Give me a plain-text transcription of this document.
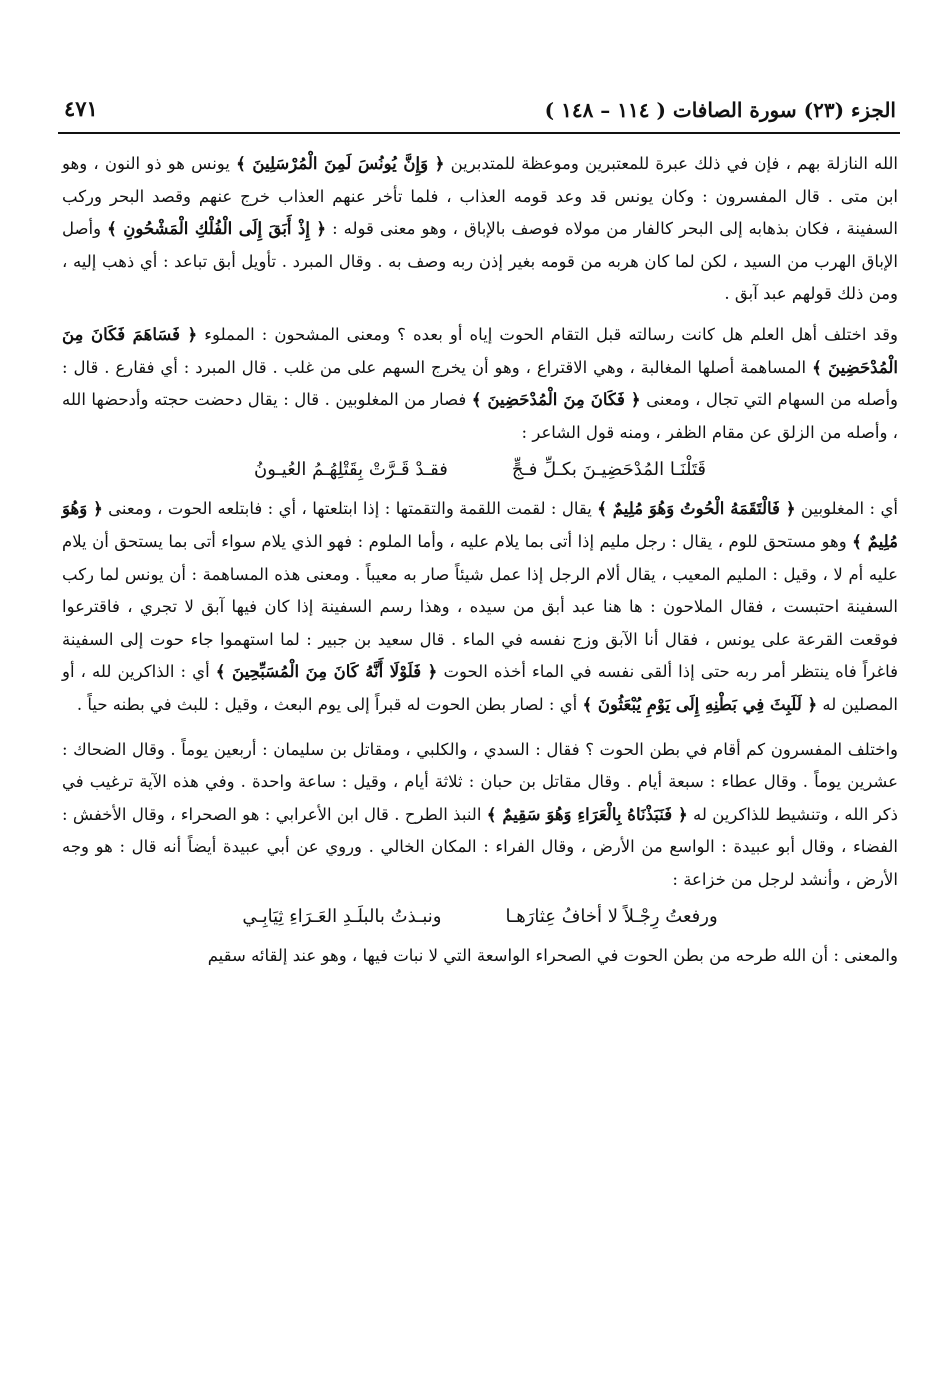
الجزء (٢٣) سورة الصافات ( ١١٤ – ١٤٨ )
٤٧١

الله النازلة بهم ، فإن في ذلك عبرة للمعتبرين وموعظة للمتدبرين ﴿ وَإِنَّ يُونُسَ لَمِنَ الْمُرْسَلِينَ ﴾ يونس هو ذو النون ، وهو ابن متى . قال المفسرون : وكان يونس قد وعد قومه العذاب ، فلما تأخر عنهم العذاب خرج عنهم وقصد البحر وركب السفينة ، فكان بذهابه إلى البحر كالفار من مولاه فوصف بالإباق ، وهو معنى قوله : ﴿ إِذْ أَبَقَ إِلَى الْفُلْكِ الْمَشْحُونِ ﴾ وأصل الإباق الهرب من السيد ، لكن لما كان هربه من قومه بغير إذن ربه وصف به . وقال المبرد . تأويل أبق تباعد : أي ذهب إليه ، ومن ذلك قولهم عبد آبق .

وقد اختلف أهل العلم هل كانت رسالته قبل التقام الحوت إياه أو بعده ؟ ومعنى المشحون : المملوء ﴿ فَسَاهَمَ فَكَانَ مِنَ الْمُدْحَضِينَ ﴾ المساهمة أصلها المغالبة ، وهي الاقتراع ، وهو أن يخرج السهم على من غلب . قال المبرد : أي فقارع . قال : وأصله من السهام التي تجال ، ومعنى ﴿ فَكَانَ مِنَ الْمُدْحَضِينَ ﴾ فصار من المغلوبين . قال : يقال دحضت حجته وأدحضها الله ، وأصله من الزلق عن مقام الظفر ، ومنه قول الشاعر :

قَتَلْنَـا المُدْحَضِيـنَ بكـلِّ فـجٍّ
فقـدْ قَـرَّتْ بِقَتْلِهُـمُ العُيـونُ

أي : المغلوبين ﴿ فَالْتَقَمَهُ الْحُوتُ وَهُوَ مُلِيمٌ ﴾ يقال : لقمت اللقمة والتقمتها : إذا ابتلعتها ، أي : فابتلعه الحوت ، ومعنى ﴿ وَهُوَ مُلِيمٌ ﴾ وهو مستحق للوم ، يقال : رجل مليم إذا أتى بما يلام عليه ، وأما الملوم : فهو الذي يلام سواء أتى بما يستحق أن يلام عليه أم لا ، وقيل : المليم المعيب ، يقال ألام الرجل إذا عمل شيئاً صار به معيباً . ومعنى هذه المساهمة : أن يونس لما ركب السفينة احتبست ، فقال الملاحون : ها هنا عبد أبق من سيده ، وهذا رسم السفينة إذا كان فيها آبق لا تجري ، فاقترعوا فوقعت القرعة على يونس ، فقال أنا الآبق وزج نفسه في الماء . قال سعيد بن جبير : لما استهموا جاء حوت إلى السفينة فاغراً فاه ينتظر أمر ربه حتى إذا ألقى نفسه في الماء أخذه الحوت ﴿ فَلَوْلَا أَنَّهُ كَانَ مِنَ الْمُسَبِّحِينَ ﴾ أي : الذاكرين لله ، أو المصلين له ﴿ لَلَبِثَ فِي بَطْنِهِ إِلَى يَوْمِ يُبْعَثُونَ ﴾ أي : لصار بطن الحوت له قبراً إلى يوم البعث ، وقيل : للبث في بطنه حياً .

واختلف المفسرون كم أقام في بطن الحوت ؟ فقال : السدي ، والكلبي ، ومقاتل بن سليمان : أربعين يوماً . وقال الضحاك : عشرين يوماً . وقال عطاء : سبعة أيام . وقال مقاتل بن حبان : ثلاثة أيام ، وقيل : ساعة واحدة . وفي هذه الآية ترغيب في ذكر الله ، وتنشيط للذاكرين له ﴿ فَنَبَذْنَاهُ بِالْعَرَاءِ وَهُوَ سَقِيمٌ ﴾ النبذ الطرح . قال ابن الأعرابي : هو الصحراء ، وقال الأخفش : الفضاء ، وقال أبو عبيدة : الواسع من الأرض ، وقال الفراء : المكان الخالي . وروي عن أبي عبيدة أيضاً أنه قال : هو وجه الأرض ، وأنشد لرجل من خزاعة :

ورفعتُ رِجْـلاً لا أخافُ عِثارَهـا
ونبـذتُ بالبلَـدِ العَـرَاءِ ثِيَابِـي

والمعنى : أن الله طرحه من بطن الحوت في الصحراء الواسعة التي لا نبات فيها ، وهو عند إلقائه سقيم
